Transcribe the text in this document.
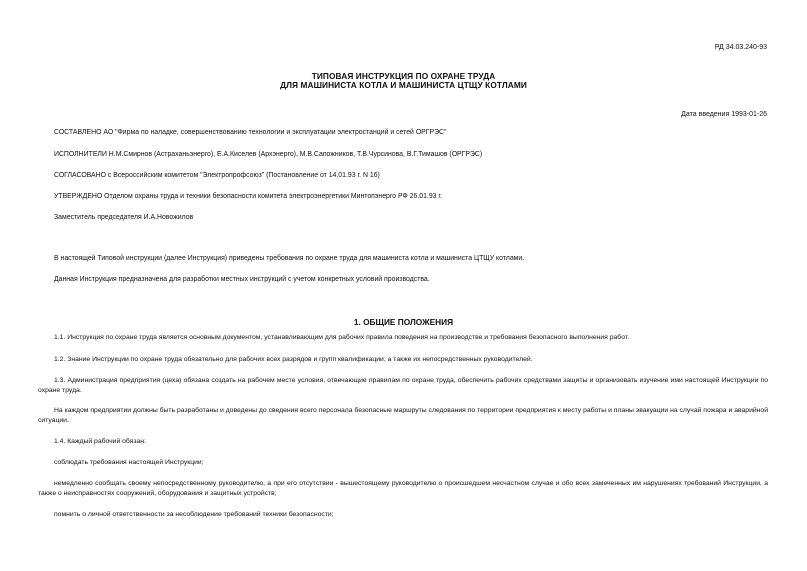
РД 34.03.240-93

ТИПОВАЯ ИНСТРУКЦИЯ ПО ОХРАНЕ ТРУДА

ДЛЯ МАШИНИСТА КОТЛА И МАШИНИСТА ЦТЩУ КОТЛАМИ

Дата введения 1993-01-26

СОСТАВЛЕНО АО "Фирма по наладке, совершенствованию технологии и эксплуатации электростанций и сетей ОРГРЭС"

ИСПОЛНИТЕЛИ Н.М.Смирнов (Астраханьэнерго), Е.А.Киселев (Архэнерго), М.В.Сапожников, Т.В.Чурсинова, В.Г.Тимашов (ОРГРЭС)

СОГЛАСОВАНО с Всероссийским комитетом "Электропрофсоюз" (Постановление от 14.01.93 г. N 16)

УТВЕРЖДЕНО Отделом охраны труда и техники безопасности комитета электроэнергетики Минтопэнерго РФ 26.01.93 г.

Заместитель председателя И.А.Новожилов

В настоящей Типовой инструкции (далее Инструкция) приведены требования по охране труда для машиниста котла и машиниста ЦТЩУ котлами.

Данная Инструкция предназначена для разработки местных инструкций с учетом конкретных условий производства.

1. ОБЩИЕ ПОЛОЖЕНИЯ

1.1. Инструкция по охране труда является основным документом, устанавливающим для рабочих правила поведения на производстве и требования безопасного выполнения работ.

1.2. Знание Инструкции по охране труда обязательно для рабочих всех разрядов и групп квалификации, а также их непосредственных руководителей.

1.3. Администрация предприятия (цеха) обязана создать на рабочем месте условия, отвечающие правилам по охране труда, обеспечить рабочих средствами защиты и организовать изучение ими настоящей Инструкции по охране труда.

На каждом предприятии должны быть разработаны и доведены до сведения всего персонала безопасные маршруты следования по территории предприятия к месту работы и планы эвакуации на случай пожара и аварийной ситуации.

1.4. Каждый рабочий обязан:

соблюдать требования настоящей Инструкции;

немедленно сообщать своему непосредственному руководителю, а при его отсутствии - вышестоящему руководителю о происшедшем несчастном случае и обо всех замеченных им нарушениях требований Инструкции, а также о неисправностях сооружений, оборудования и защитных устройств;

помнить о личной ответственности за несоблюдение требований техники безопасности;
